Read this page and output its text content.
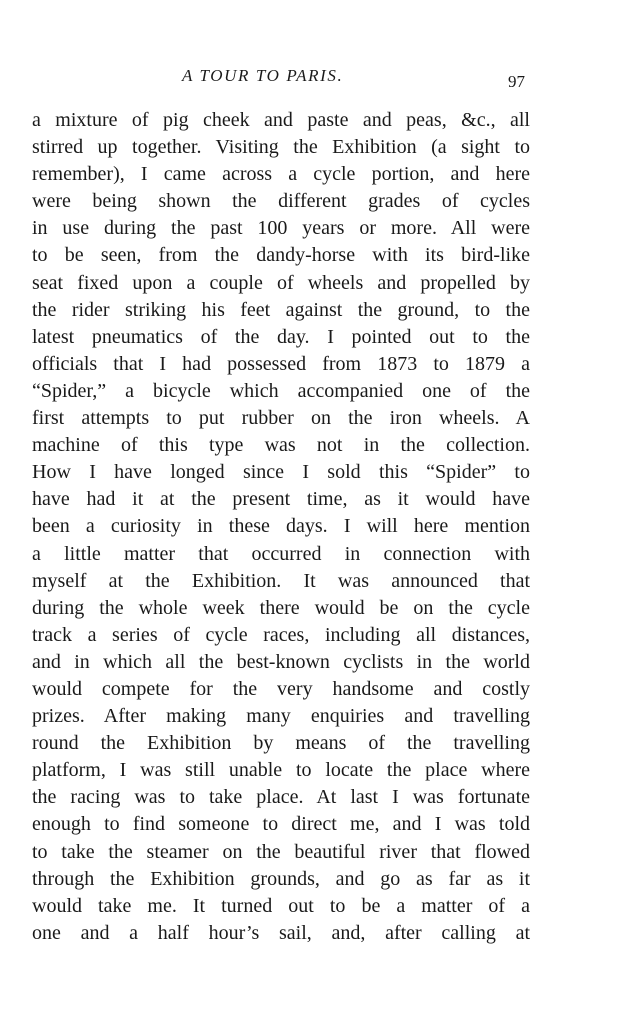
A TOUR TO PARIS.	97
a mixture of pig cheek and paste and peas, &c., all
stirred up together. Visiting the Exhibition (a sight to
remember), I came across a cycle portion, and here
were being shown the different grades of cycles
in use during the past 100 years or more. All were
to be seen, from the dandy-horse with its bird-like
seat fixed upon a couple of wheels and propelled by
the rider striking his feet against the ground, to the
latest pneumatics of the day. I pointed out to the
officials that I had possessed from 1873 to 1879 a
“Spider,” a bicycle which accompanied one of the
first attempts to put rubber on the iron wheels. A
machine of this type was not in the collection.
How I have longed since I sold this “Spider” to
have had it at the present time, as it would have
been a curiosity in these days. I will here mention
a little matter that occurred in connection with
myself at the Exhibition. It was announced that
during the whole week there would be on the cycle
track a series of cycle races, including all distances,
and in which all the best-known cyclists in the world
would compete for the very handsome and costly
prizes. After making many enquiries and travelling
round the Exhibition by means of the travelling
platform, I was still unable to locate the place where
the racing was to take place. At last I was fortunate
enough to find someone to direct me, and I was told
to take the steamer on the beautiful river that flowed
through the Exhibition grounds, and go as far as it
would take me. It turned out to be a matter of a
one and a half hour’s sail, and, after calling at
